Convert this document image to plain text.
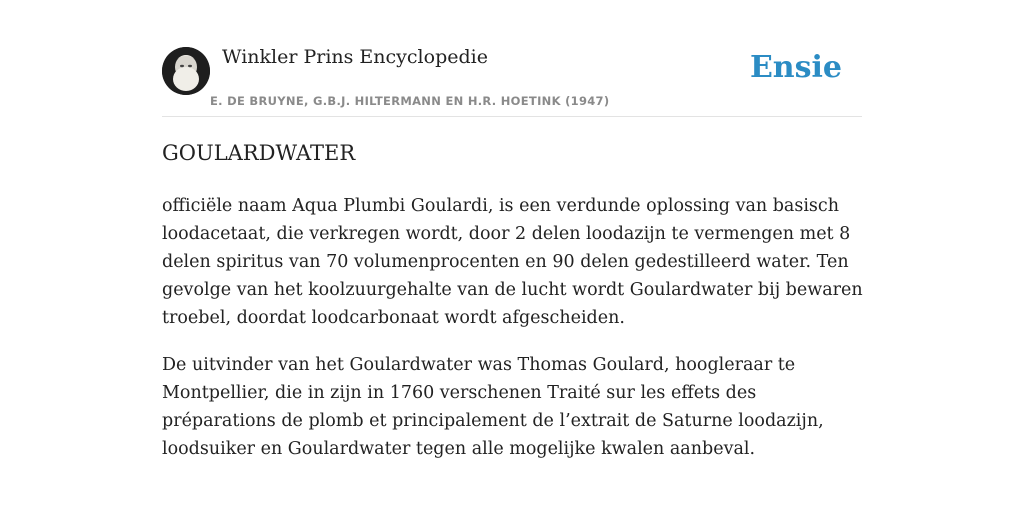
Winkler Prins Encyclopedie
E. DE BRUYNE, G.B.J. HILTERMANN EN H.R. HOETINK (1947)
Ensie
GOULARDWATER

officiële naam Aqua Plumbi Goulardi, is een verdunde oplossing van basisch loodacetaat, die verkregen wordt, door 2 delen loodazijn te vermengen met 8 delen spiritus van 70 volumenprocenten en 90 delen gedestilleerd water. Ten gevolge van het koolzuurgehalte van de lucht wordt Goulardwater bij bewaren troebel, doordat loodcarbonaat wordt afgescheiden.

De uitvinder van het Goulardwater was Thomas Goulard, hoogleraar te Montpellier, die in zijn in 1760 verschenen Traité sur les effets des préparations de plomb et principalement de l’extrait de Saturne loodazijn, loodsuiker en Goulardwater tegen alle mogelijke kwalen aanbeval.
